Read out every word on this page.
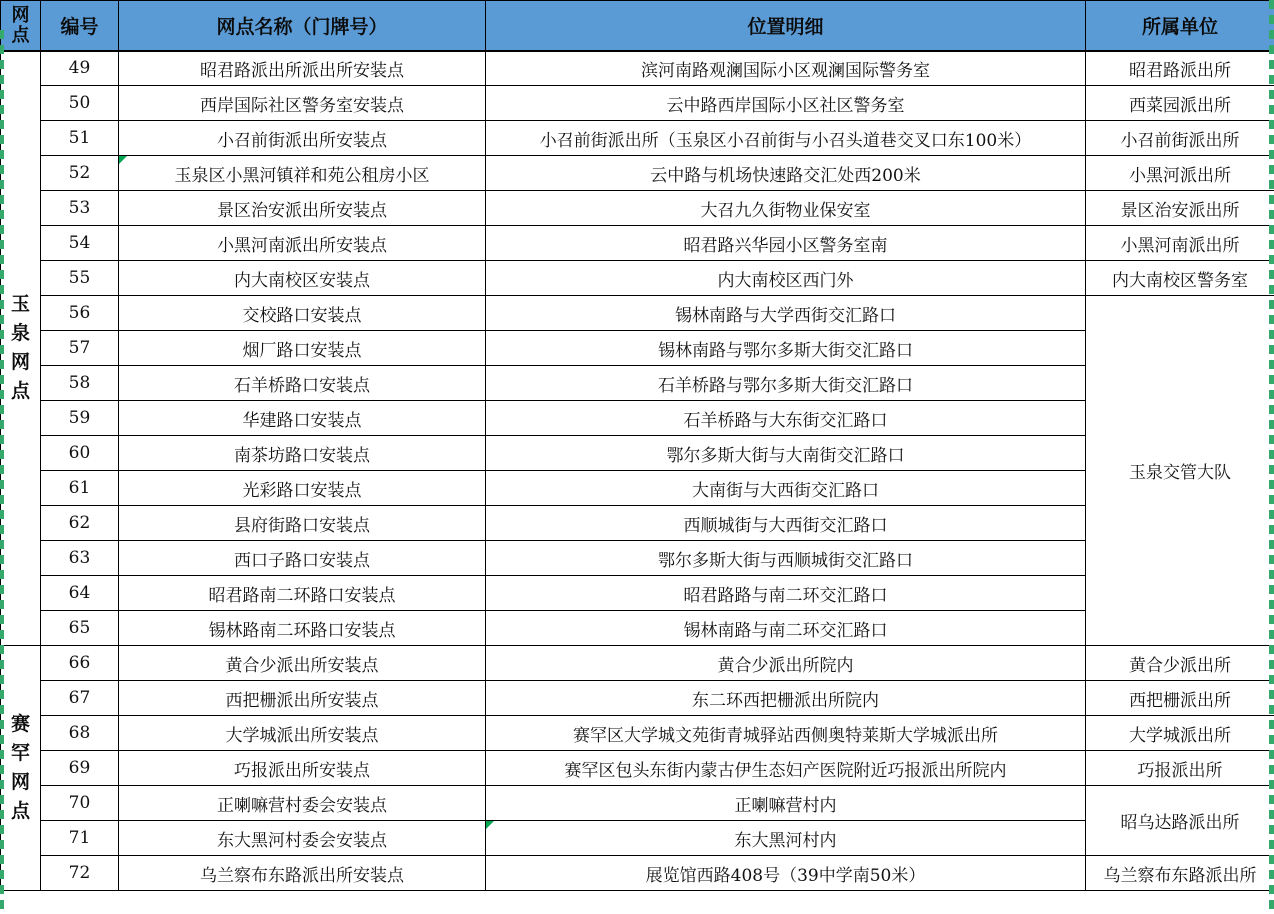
网
点	编号	网点名称（门牌号）	位置明细	所属单位

玉
泉
网
点	49	昭君路派出所派出所安装点	滨河南路观澜国际小区观澜国际警务室	昭君路派出所
	50	西岸国际社区警务室安装点	云中路西岸国际小区社区警务室	西菜园派出所
	51	小召前街派出所安装点	小召前街派出所（玉泉区小召前街与小召头道巷交叉口东100米）	小召前街派出所
	52	玉泉区小黑河镇祥和苑公租房小区	云中路与机场快速路交汇处西200米	小黑河派出所
	53	景区治安派出所安装点	大召九久街物业保安室	景区治安派出所
	54	小黑河南派出所安装点	昭君路兴华园小区警务室南	小黑河南派出所
	55	内大南校区安装点	内大南校区西门外	内大南校区警务室
	56	交校路口安装点	锡林南路与大学西街交汇路口	玉泉交管大队
	57	烟厂路口安装点	锡林南路与鄂尔多斯大街交汇路口	
	58	石羊桥路口安装点	石羊桥路与鄂尔多斯大街交汇路口	
	59	华建路口安装点	石羊桥路与大东街交汇路口	
	60	南茶坊路口安装点	鄂尔多斯大街与大南街交汇路口	
	61	光彩路口安装点	大南街与大西街交汇路口	
	62	县府街路口安装点	西顺城街与大西街交汇路口	
	63	西口子路口安装点	鄂尔多斯大街与西顺城街交汇路口	
	64	昭君路南二环路口安装点	昭君路路与南二环交汇路口	
	65	锡林路南二环路口安装点	锡林南路与南二环交汇路口	

赛
罕
网
点	66	黄合少派出所安装点	黄合少派出所院内	黄合少派出所
	67	西把栅派出所安装点	东二环西把栅派出所院内	西把栅派出所
	68	大学城派出所安装点	赛罕区大学城文苑街青城驿站西侧奥特莱斯大学城派出所	大学城派出所
	69	巧报派出所安装点	赛罕区包头东街内蒙古伊生态妇产医院附近巧报派出所院内	巧报派出所
	70	正喇嘛营村委会安装点	正喇嘛营村内	昭乌达路派出所
	71	东大黑河村委会安装点	东大黑河村内	

	72	乌兰察布东路派出所安装点	展览馆西路408号（39中学南50米）	乌兰察布东路派出所
